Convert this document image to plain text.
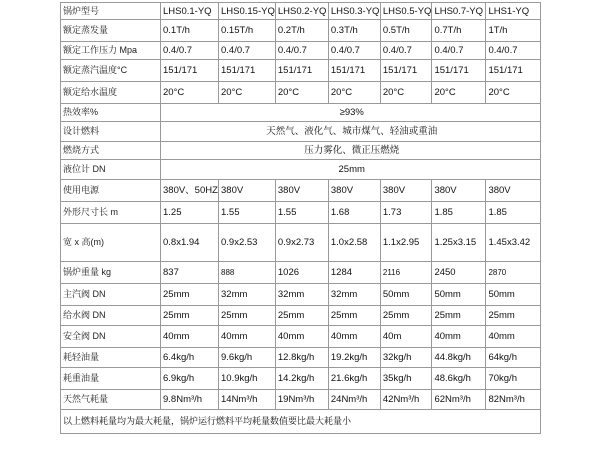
锅炉型号	LHS0.1-YQ	LHS0.15-YQ	LHS0.2-YQ	LHS0.3-YQ	LHS0.5-YQ	LHS0.7-YQ	LHS1-YQ
额定蒸发量	0.1T/h	0.15T/h	0.2T/h	0.3T/h	0.5T/h	0.7T/h	1T/h
额定工作压力 Mpa	0.4/0.7	0.4/0.7	0.4/0.7	0.4/0.7	0.4/0.7	0.4/0.7	0.4/0.7
额定蒸汽温度°C	151/171	151/171	151/171	151/171	151/171	151/171	151/171
额定给水温度	20°C	20°C	20°C	20°C	20°C	20°C	20°C
热效率%	≥93%						
设计燃料	天然气、液化气、城市煤气、轻油或重油						
燃烧方式	压力雾化、微正压燃烧						
液位计 DN	25mm						
使用电源	380V、50HZ	380V	380V	380V	380V	380V	380V
外形尺寸长 m	1.25	1.55	1.55	1.68	1.73	1.85	1.85
宽 x 高(m)	0.8x1.94	0.9x2.53	0.9x2.73	1.0x2.58	1.1x2.95	1.25x3.15	1.45x3.42
锅炉重量 kg	837	888	1026	1284	2116	2450	2870
主汽阀 DN	25mm	32mm	32mm	32mm	50mm	50mm	50mm
给水阀 DN	25mm	25mm	25mm	25mm	25mm	25mm	25mm
安全阀 DN	40mm	40mm	40mm	40mm	40m	40mm	40mm
耗轻油量	6.4kg/h	9.6kg/h	12.8kg/h	19.2kg/h	32kg/h	44.8kg/h	64kg/h
耗重油量	6.9kg/h	10.9kg/h	14.2kg/h	21.6kg/h	35kg/h	48.6kg/h	70kg/h
天然气耗量	9.8Nm³/h	14Nm³/h	19Nm³/h	24Nm³/h	42Nm³/h	62Nm³/h	82Nm³/h
以上燃料耗量均为最大耗量，锅炉运行燃料平均耗量数值要比最大耗量小							
